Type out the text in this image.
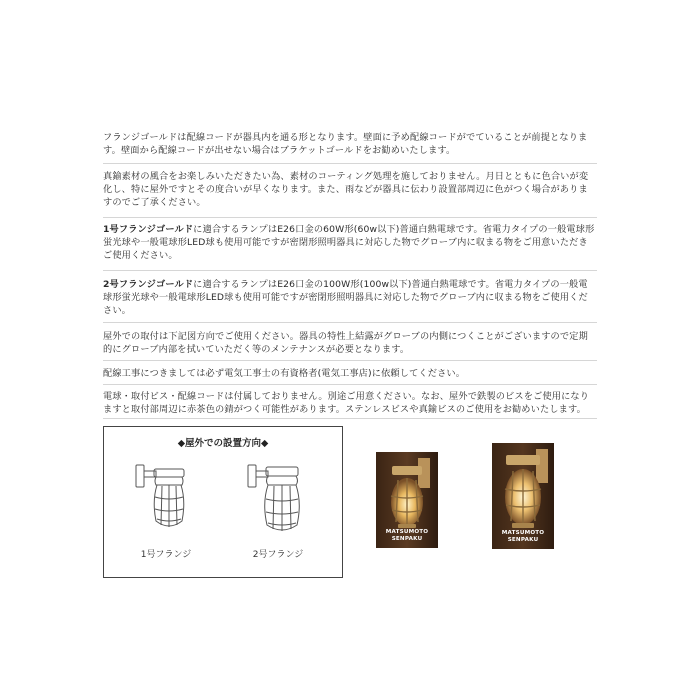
フランジゴールドは配線コードが器具内を通る形となります。壁面に予め配線コードがでていることが前提となります。壁面から配線コードが出せない場合はブラケットゴールドをお勧めいたします。
真鍮素材の風合をお楽しみいただきたい為、素材のコーティング処理を施しておりません。月日とともに色合いが変化し、特に屋外ですとその度合いが早くなります。また、雨などが器具に伝わり設置部周辺に色がつく場合がありますのでご了承ください。
1号フランジゴールドに適合するランプはE26口金の60W形(60w以下)普通白熱電球です。省電力タイプの一般電球形蛍光球や一般電球形LED球も使用可能ですが密閉形照明器具に対応した物でグローブ内に収まる物をご用意いただきご使用ください。
2号フランジゴールドに適合するランプはE26口金の100W形(100w以下)普通白熱電球です。省電力タイプの一般電球形蛍光球や一般電球形LED球も使用可能ですが密閉形照明器具に対応した物でグローブ内に収まる物をご使用ください。
屋外での取付は下記図方向でご使用ください。器具の特性上結露がグローブの内側につくことがございますので定期的にグローブ内部を拭いていただく等のメンテナンスが必要となります。
配線工事につきましては必ず電気工事士の有資格者(電気工事店)に依頼してください。
電球・取付ビス・配線コードは付属しておりません。別途ご用意ください。なお、屋外で鉄製のビスをご使用になりますと取付部周辺に赤茶色の錆がつく可能性があります。ステンレスビスや真鍮ビスのご使用をお勧めいたします。
◆屋外での設置方向◆
1号フランジ	2号フランジ
MATSUMOTO
SENPAKU
MATSUMOTO
SENPAKU
